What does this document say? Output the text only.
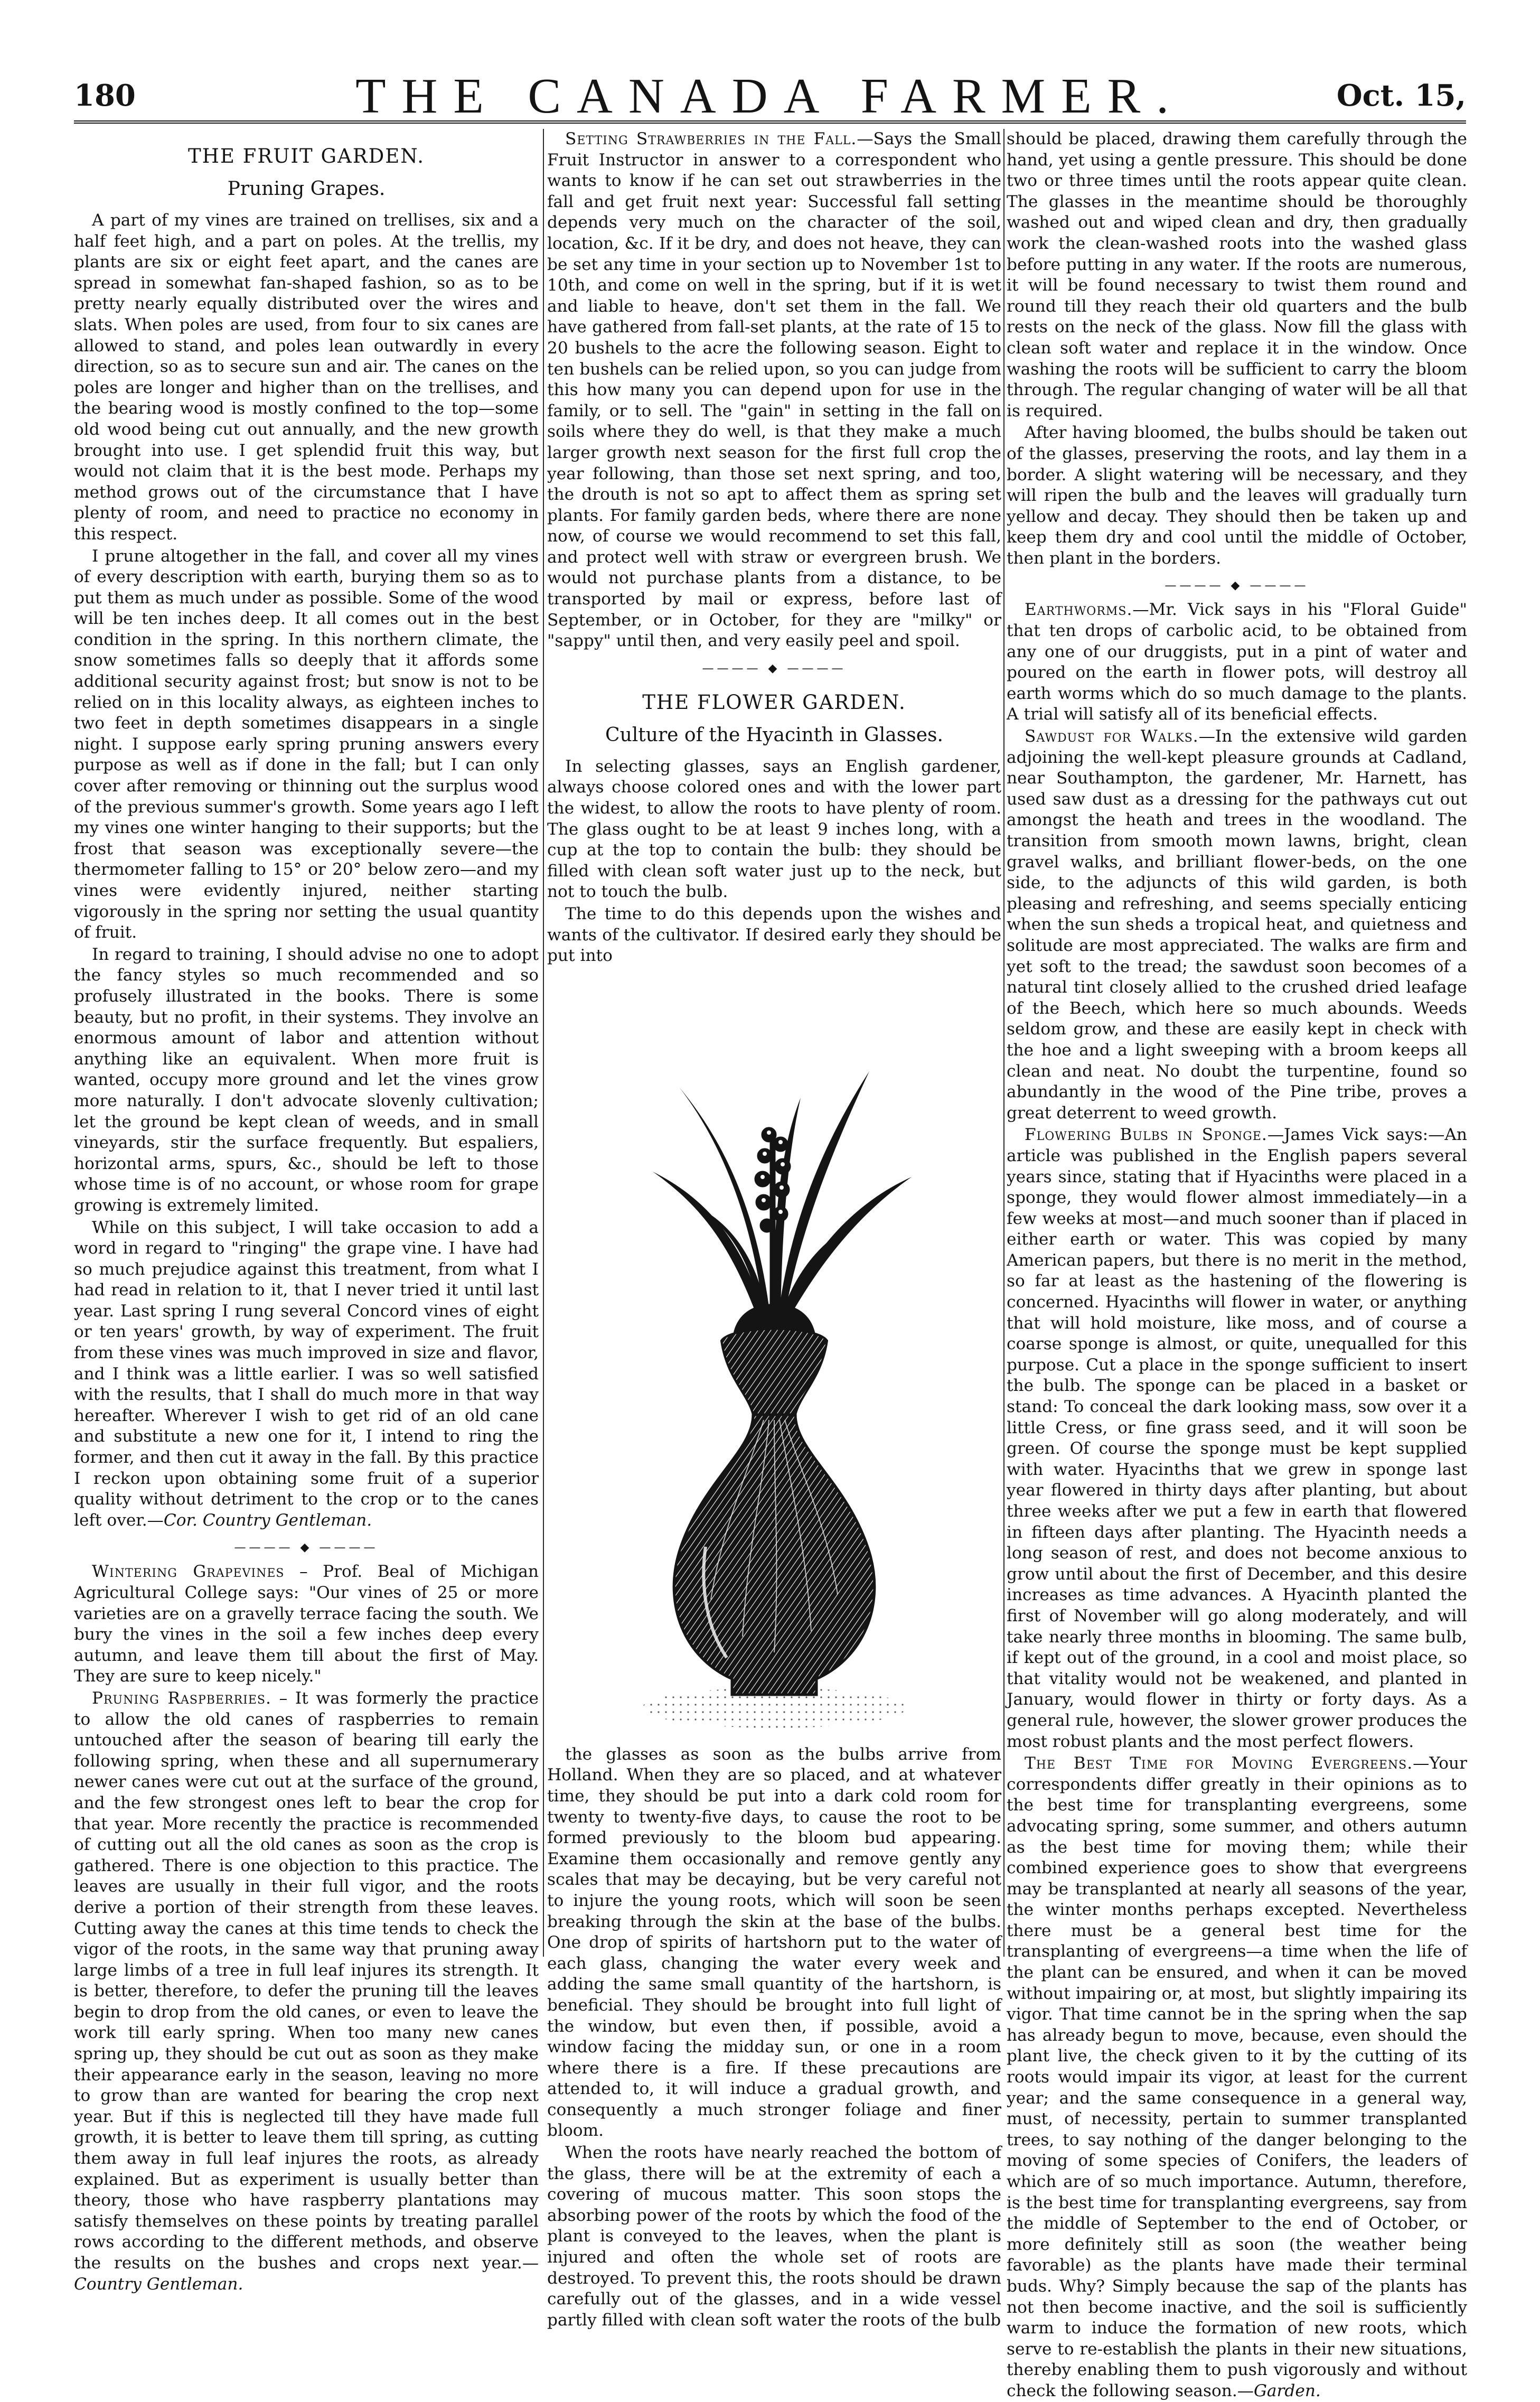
180	THE CANADA FARMER.	Oct. 15,
THE FRUIT GARDEN.
Pruning Grapes.

A part of my vines are trained on trellises, six and a half feet high, and a part on poles. At the trellis, my plants are six or eight feet apart, and the canes are spread in somewhat fan-shaped fashion, so as to be pretty nearly equally distributed over the wires and slats. When poles are used, from four to six canes are allowed to stand, and poles lean outwardly in every direction, so as to secure sun and air. The canes on the poles are longer and higher than on the trellises, and the bearing wood is mostly confined to the top—some old wood being cut out annually, and the new growth brought into use. I get splendid fruit this way, but would not claim that it is the best mode. Perhaps my method grows out of the circumstance that I have plenty of room, and need to practice no economy in this respect.

I prune altogether in the fall, and cover all my vines of every description with earth, burying them so as to put them as much under as possible. Some of the wood will be ten inches deep. It all comes out in the best condition in the spring. In this northern climate, the snow sometimes falls so deeply that it affords some additional security against frost; but snow is not to be relied on in this locality always, as eighteen inches to two feet in depth sometimes disappears in a single night. I suppose early spring pruning answers every purpose as well as if done in the fall; but I can only cover after removing or thinning out the surplus wood of the previous summer's growth. Some years ago I left my vines one winter hanging to their supports; but the frost that season was exceptionally severe—the thermometer falling to 15° or 20° below zero—and my vines were evidently injured, neither starting vigorously in the spring nor setting the usual quantity of fruit.

In regard to training, I should advise no one to adopt the fancy styles so much recommended and so profusely illustrated in the books. There is some beauty, but no profit, in their systems. They involve an enormous amount of labor and attention without anything like an equivalent. When more fruit is wanted, occupy more ground and let the vines grow more naturally. I don't advocate slovenly cultivation; let the ground be kept clean of weeds, and in small vineyards, stir the surface frequently. But espaliers, horizontal arms, spurs, &c., should be left to those whose time is of no account, or whose room for grape growing is extremely limited.

While on this subject, I will take occasion to add a word in regard to "ringing" the grape vine. I have had so much prejudice against this treatment, from what I had read in relation to it, that I never tried it until last year. Last spring I rung several Concord vines of eight or ten years' growth, by way of experiment. The fruit from these vines was much improved in size and flavor, and I think was a little earlier. I was so well satisfied with the results, that I shall do much more in that way hereafter. Wherever I wish to get rid of an old cane and substitute a new one for it, I intend to ring the former, and then cut it away in the fall. By this practice I reckon upon obtaining some fruit of a superior quality without detriment to the crop or to the canes left over.—Cor. Country Gentleman.

———— ◆ ————

Wintering Grapevines – Prof. Beal of Michigan Agricultural College says: "Our vines of 25 or more varieties are on a gravelly terrace facing the south. We bury the vines in the soil a few inches deep every autumn, and leave them till about the first of May. They are sure to keep nicely."

Pruning Raspberries. – It was formerly the practice to allow the old canes of raspberries to remain untouched after the season of bearing till early the following spring, when these and all supernumerary newer canes were cut out at the surface of the ground, and the few strongest ones left to bear the crop for that year. More recently the practice is recommended of cutting out all the old canes as soon as the crop is gathered. There is one objection to this practice. The leaves are usually in their full vigor, and the roots derive a portion of their strength from these leaves. Cutting away the canes at this time tends to check the vigor of the roots, in the same way that pruning away large limbs of a tree in full leaf injures its strength. It is better, therefore, to defer the pruning till the leaves begin to drop from the old canes, or even to leave the work till early spring. When too many new canes spring up, they should be cut out as soon as they make their appearance early in the season, leaving no more to grow than are wanted for bearing the crop next year. But if this is neglected till they have made full growth, it is better to leave them till spring, as cutting them away in full leaf injures the roots, as already explained. But as experiment is usually better than theory, those who have raspberry plantations may satisfy themselves on these points by treating parallel rows according to the different methods, and observe the results on the bushes and crops next year.—Country Gentleman.

Setting Strawberries in the Fall.—Says the Small Fruit Instructor in answer to a correspondent who wants to know if he can set out strawberries in the fall and get fruit next year: Successful fall setting depends very much on the character of the soil, location, &c. If it be dry, and does not heave, they can be set any time in your section up to November 1st to 10th, and come on well in the spring, but if it is wet and liable to heave, don't set them in the fall. We have gathered from fall-set plants, at the rate of 15 to 20 bushels to the acre the following season. Eight to ten bushels can be relied upon, so you can judge from this how many you can depend upon for use in the family, or to sell. The "gain" in setting in the fall on soils where they do well, is that they make a much larger growth next season for the first full crop the year following, than those set next spring, and too, the drouth is not so apt to affect them as spring set plants. For family garden beds, where there are none now, of course we would recommend to set this fall, and protect well with straw or evergreen brush. We would not purchase plants from a distance, to be transported by mail or express, before last of September, or in October, for they are "milky" or "sappy" until then, and very easily peel and spoil.

———— ◆ ————
THE FLOWER GARDEN.
Culture of the Hyacinth in Glasses.

In selecting glasses, says an English gardener, always choose colored ones and with the lower part the widest, to allow the roots to have plenty of room. The glass ought to be at least 9 inches long, with a cup at the top to contain the bulb: they should be filled with clean soft water just up to the neck, but not to touch the bulb.

The time to do this depends upon the wishes and wants of the cultivator. If desired early they should be put into

the glasses as soon as the bulbs arrive from Holland. When they are so placed, and at whatever time, they should be put into a dark cold room for twenty to twenty-five days, to cause the root to be formed previously to the bloom bud appearing. Examine them occasionally and remove gently any scales that may be decaying, but be very careful not to injure the young roots, which will soon be seen breaking through the skin at the base of the bulbs. One drop of spirits of hartshorn put to the water of each glass, changing the water every week and adding the same small quantity of the hartshorn, is beneficial. They should be brought into full light of the window, but even then, if possible, avoid a window facing the midday sun, or one in a room where there is a fire. If these precautions are attended to, it will induce a gradual growth, and consequently a much stronger foliage and finer bloom.

When the roots have nearly reached the bottom of the glass, there will be at the extremity of each a covering of mucous matter. This soon stops the absorbing power of the roots by which the food of the plant is conveyed to the leaves, when the plant is injured and often the whole set of roots are destroyed. To prevent this, the roots should be drawn carefully out of the glasses, and in a wide vessel partly filled with clean soft water the roots of the bulb

should be placed, drawing them carefully through the hand, yet using a gentle pressure. This should be done two or three times until the roots appear quite clean. The glasses in the meantime should be thoroughly washed out and wiped clean and dry, then gradually work the clean-washed roots into the washed glass before putting in any water. If the roots are numerous, it will be found necessary to twist them round and round till they reach their old quarters and the bulb rests on the neck of the glass. Now fill the glass with clean soft water and replace it in the window. Once washing the roots will be sufficient to carry the bloom through. The regular changing of water will be all that is required.

After having bloomed, the bulbs should be taken out of the glasses, preserving the roots, and lay them in a border. A slight watering will be necessary, and they will ripen the bulb and the leaves will gradually turn yellow and decay. They should then be taken up and keep them dry and cool until the middle of October, then plant in the borders.

———— ◆ ————

Earthworms.—Mr. Vick says in his "Floral Guide" that ten drops of carbolic acid, to be obtained from any one of our druggists, put in a pint of water and poured on the earth in flower pots, will destroy all earth worms which do so much damage to the plants. A trial will satisfy all of its beneficial effects.

Sawdust for Walks.—In the extensive wild garden adjoining the well-kept pleasure grounds at Cadland, near Southampton, the gardener, Mr. Harnett, has used saw dust as a dressing for the pathways cut out amongst the heath and trees in the woodland. The transition from smooth mown lawns, bright, clean gravel walks, and brilliant flower-beds, on the one side, to the adjuncts of this wild garden, is both pleasing and refreshing, and seems specially enticing when the sun sheds a tropical heat, and quietness and solitude are most appreciated. The walks are firm and yet soft to the tread; the sawdust soon becomes of a natural tint closely allied to the crushed dried leafage of the Beech, which here so much abounds. Weeds seldom grow, and these are easily kept in check with the hoe and a light sweeping with a broom keeps all clean and neat. No doubt the turpentine, found so abundantly in the wood of the Pine tribe, proves a great deterrent to weed growth.

Flowering Bulbs in Sponge.—James Vick says:—An article was published in the English papers several years since, stating that if Hyacinths were placed in a sponge, they would flower almost immediately—in a few weeks at most—and much sooner than if placed in either earth or water. This was copied by many American papers, but there is no merit in the method, so far at least as the hastening of the flowering is concerned. Hyacinths will flower in water, or anything that will hold moisture, like moss, and of course a coarse sponge is almost, or quite, unequalled for this purpose. Cut a place in the sponge sufficient to insert the bulb. The sponge can be placed in a basket or stand: To conceal the dark looking mass, sow over it a little Cress, or fine grass seed, and it will soon be green. Of course the sponge must be kept supplied with water. Hyacinths that we grew in sponge last year flowered in thirty days after planting, but about three weeks after we put a few in earth that flowered in fifteen days after planting. The Hyacinth needs a long season of rest, and does not become anxious to grow until about the first of December, and this desire increases as time advances. A Hyacinth planted the first of November will go along moderately, and will take nearly three months in blooming. The same bulb, if kept out of the ground, in a cool and moist place, so that vitality would not be weakened, and planted in January, would flower in thirty or forty days. As a general rule, however, the slower grower produces the most robust plants and the most perfect flowers.

The Best Time for Moving Evergreens.—Your correspondents differ greatly in their opinions as to the best time for transplanting evergreens, some advocating spring, some summer, and others autumn as the best time for moving them; while their combined experience goes to show that evergreens may be transplanted at nearly all seasons of the year, the winter months perhaps excepted. Nevertheless there must be a general best time for the transplanting of evergreens—a time when the life of the plant can be ensured, and when it can be moved without impairing or, at most, but slightly impairing its vigor. That time cannot be in the spring when the sap has already begun to move, because, even should the plant live, the check given to it by the cutting of its roots would impair its vigor, at least for the current year; and the same consequence in a general way, must, of necessity, pertain to summer transplanted trees, to say nothing of the danger belonging to the moving of some species of Conifers, the leaders of which are of so much importance. Autumn, therefore, is the best time for transplanting evergreens, say from the middle of September to the end of October, or more definitely still as soon (the weather being favorable) as the plants have made their terminal buds. Why? Simply because the sap of the plants has not then become inactive, and the soil is sufficiently warm to induce the formation of new roots, which serve to re-establish the plants in their new situations, thereby enabling them to push vigorously and without check the following season.—Garden.
